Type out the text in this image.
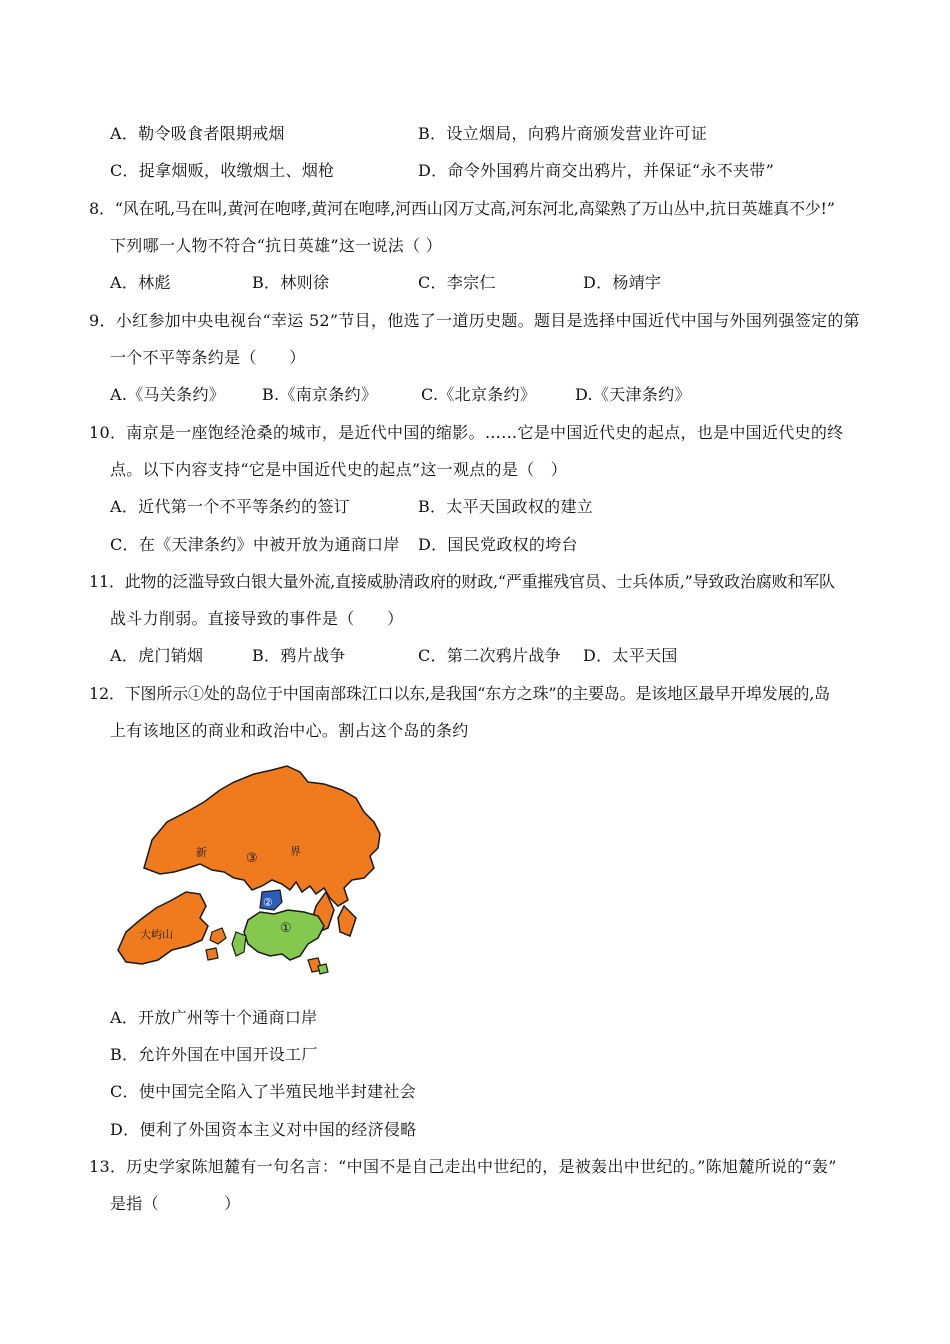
A．勒令吸食者限期戒烟	B．设立烟局，向鸦片商颁发营业许可证
C．捉拿烟贩，收缴烟土、烟枪	D．命令外国鸦片商交出鸦片，并保证“永不夹带”
8．“风在吼,马在叫,黄河在咆哮,黄河在咆哮,河西山冈万丈高,河东河北,高粱熟了万山丛中,抗日英雄真不少!”
下列哪一人物不符合“抗日英雄”这一说法（ ）
A．林彪	B．林则徐	C．李宗仁	D．杨靖宇
9．小红参加中央电视台“幸运 52”节目，他选了一道历史题。题目是选择中国近代中国与外国列强签定的第
一个不平等条约是（　　）
A.《马关条约》 B.《南京条约》	C.《北京条约》 D.《天津条约》
10．南京是一座饱经沧桑的城市，是近代中国的缩影。……它是中国近代史的起点，也是中国近代史的终
点。以下内容支持“它是中国近代史的起点”这一观点的是（　）
A．近代第一个不平等条约的签订	B．太平天国政权的建立
C．在《天津条约》中被开放为通商口岸 D．国民党政权的垮台
11．此物的泛滥导致白银大量外流,直接威胁清政府的财政,“严重摧残官员、士兵体质,”导致政治腐败和军队
战斗力削弱。直接导致的事件是（　　）
A．虎门销烟	B．鸦片战争	C．第二次鸦片战争 D．太平天国
12．下图所示①处的岛位于中国南部珠江口以东,是我国“东方之珠”的主要岛。是该地区最早开埠发展的,岛
上有该地区的商业和政治中心。割占这个岛的条约
新	界
③
②
①
大屿山
A．开放广州等十个通商口岸
B．允许外国在中国开设工厂
C．使中国完全陷入了半殖民地半封建社会
D．便利了外国资本主义对中国的经济侵略
13．历史学家陈旭麓有一句名言：“中国不是自己走出中世纪的，是被轰出中世纪的。”陈旭麓所说的“轰”
是指（　　　　）
